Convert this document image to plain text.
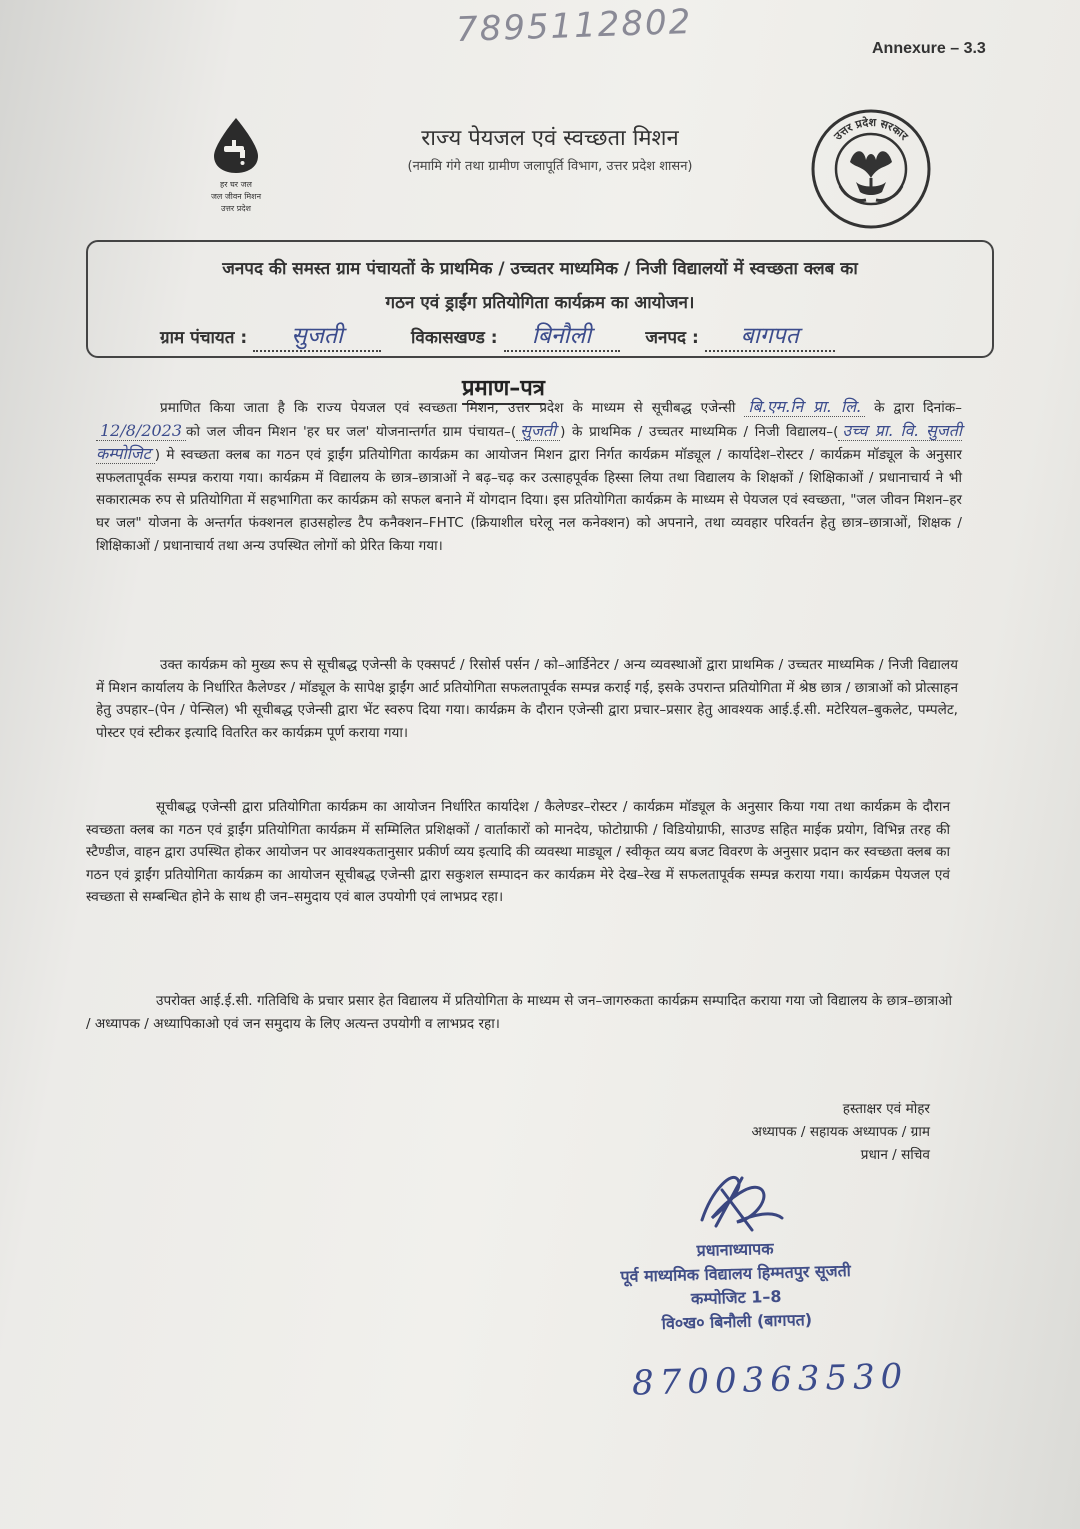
7895112802	Annexure – 3.3
हर घर जल
जल जीवन मिशन
उत्तर प्रदेश
राज्य पेयजल एवं स्वच्छता मिशन
(नमामि गंगे तथा ग्रामीण जलापूर्ति विभाग, उत्तर प्रदेश शासन)
उत्तर प्रदेश सरकार
जनपद की समस्त ग्राम पंचायतों के प्राथमिक / उच्चतर माध्यमिक / निजी विद्यालयों में स्वच्छता क्लब का
गठन एवं ड्राईंग प्रतियोगिता कार्यक्रम का आयोजन।
ग्राम पंचायत : सुजती	विकासखण्ड : बिनौली	जनपद : बागपत
प्रमाण–पत्र
प्रमाणित किया जाता है कि राज्य पेयजल एवं स्वच्छता मिशन, उत्तर प्रदेश के माध्यम से सूचीबद्ध एजेन्सी बि.एम.नि प्रा. लि. के द्वारा दिनांक–12/8/2023 को जल जीवन मिशन 'हर घर जल' योजनान्तर्गत ग्राम पंचायत–( सुजती ) के प्राथमिक / उच्चतर माध्यमिक / निजी विद्यालय–( उच्च प्रा. वि. सुजती कम्पोजिट ) मे स्वच्छता क्लब का गठन एवं ड्राईंग प्रतियोगिता कार्यक्रम का आयोजन मिशन द्वारा निर्गत कार्यक्रम मॉड्यूल / कार्यादेश–रोस्टर / कार्यक्रम मॉड्यूल के अनुसार सफलतापूर्वक सम्पन्न कराया गया। कार्यक्रम में विद्यालय के छात्र–छात्राओं ने बढ़–चढ़ कर उत्साहपूर्वक हिस्सा लिया तथा विद्यालय के शिक्षकों / शिक्षिकाओं / प्रधानाचार्य ने भी सकारात्मक रुप से प्रतियोगिता में सहभागिता कर कार्यक्रम को सफल बनाने में योगदान दिया। इस प्रतियोगिता कार्यक्रम के माध्यम से पेयजल एवं स्वच्छता, "जल जीवन मिशन–हर घर जल" योजना के अन्तर्गत फंक्शनल हाउसहोल्ड टैप कनैक्शन–FHTC (क्रियाशील घरेलू नल कनेक्शन) को अपनाने, तथा व्यवहार परिवर्तन हेतु छात्र–छात्राओं, शिक्षक / शिक्षिकाओं / प्रधानाचार्य तथा अन्य उपस्थित लोगों को प्रेरित किया गया।
उक्त कार्यक्रम को मुख्य रूप से सूचीबद्ध एजेन्सी के एक्सपर्ट / रिसोर्स पर्सन / को–आर्डिनेटर / अन्य व्यवस्थाओं द्वारा प्राथमिक / उच्चतर माध्यमिक / निजी विद्यालय में मिशन कार्यालय के निर्धारित कैलेण्डर / मॉड्यूल के सापेक्ष ड्राईंग आर्ट प्रतियोगिता सफलतापूर्वक सम्पन्न कराई गई, इसके उपरान्त प्रतियोगिता में श्रेष्ठ छात्र / छात्राओं को प्रोत्साहन हेतु उपहार–(पेन / पेन्सिल) भी सूचीबद्ध एजेन्सी द्वारा भेंट स्वरुप दिया गया। कार्यक्रम के दौरान एजेन्सी द्वारा प्रचार–प्रसार हेतु आवश्यक आई.ई.सी. मटेरियल–बुकलेट, पम्पलेट, पोस्टर एवं स्टीकर इत्यादि वितरित कर कार्यक्रम पूर्ण कराया गया।
सूचीबद्ध एजेन्सी द्वारा प्रतियोगिता कार्यक्रम का आयोजन निर्धारित कार्यादेश / कैलेण्डर–रोस्टर / कार्यक्रम मॉड्यूल के अनुसार किया गया तथा कार्यक्रम के दौरान स्वच्छता क्लब का गठन एवं ड्राईंग प्रतियोगिता कार्यक्रम में सम्मिलित प्रशिक्षकों / वार्ताकारों को मानदेय, फोटोग्राफी / विडियोग्राफी, साउण्ड सहित माईक प्रयोग, विभिन्न तरह की स्टैण्डीज, वाहन द्वारा उपस्थित होकर आयोजन पर आवश्यकतानुसार प्रकीर्ण व्यय इत्यादि की व्यवस्था माड्यूल / स्वीकृत व्यय बजट विवरण के अनुसार प्रदान कर स्वच्छता क्लब का गठन एवं ड्राईंग प्रतियोगिता कार्यक्रम का आयोजन सूचीबद्ध एजेन्सी द्वारा सकुशल सम्पादन कर कार्यक्रम मेरे देख–रेख में सफलतापूर्वक सम्पन्न कराया गया। कार्यक्रम पेयजल एवं स्वच्छता से सम्बन्धित होने के साथ ही जन–समुदाय एवं बाल उपयोगी एवं लाभप्रद रहा।
उपरोक्त आई.ई.सी. गतिविधि के प्रचार प्रसार हेत विद्यालय में प्रतियोगिता के माध्यम से जन–जागरुकता कार्यक्रम सम्पादित कराया गया जो विद्यालय के छात्र–छात्राओ / अध्यापक / अध्यापिकाओ एवं जन समुदाय के लिए अत्यन्त उपयोगी व लाभप्रद रहा।
हस्ताक्षर एवं मोहर
अध्यापक / सहायक अध्यापक / ग्राम
प्रधान / सचिव
प्रधानाध्यापक
पूर्व माध्यमिक विद्यालय हिम्मतपुर सूजती
कम्पोजिट 1–8
वि०ख० बिनौली (बागपत)
8700363530
